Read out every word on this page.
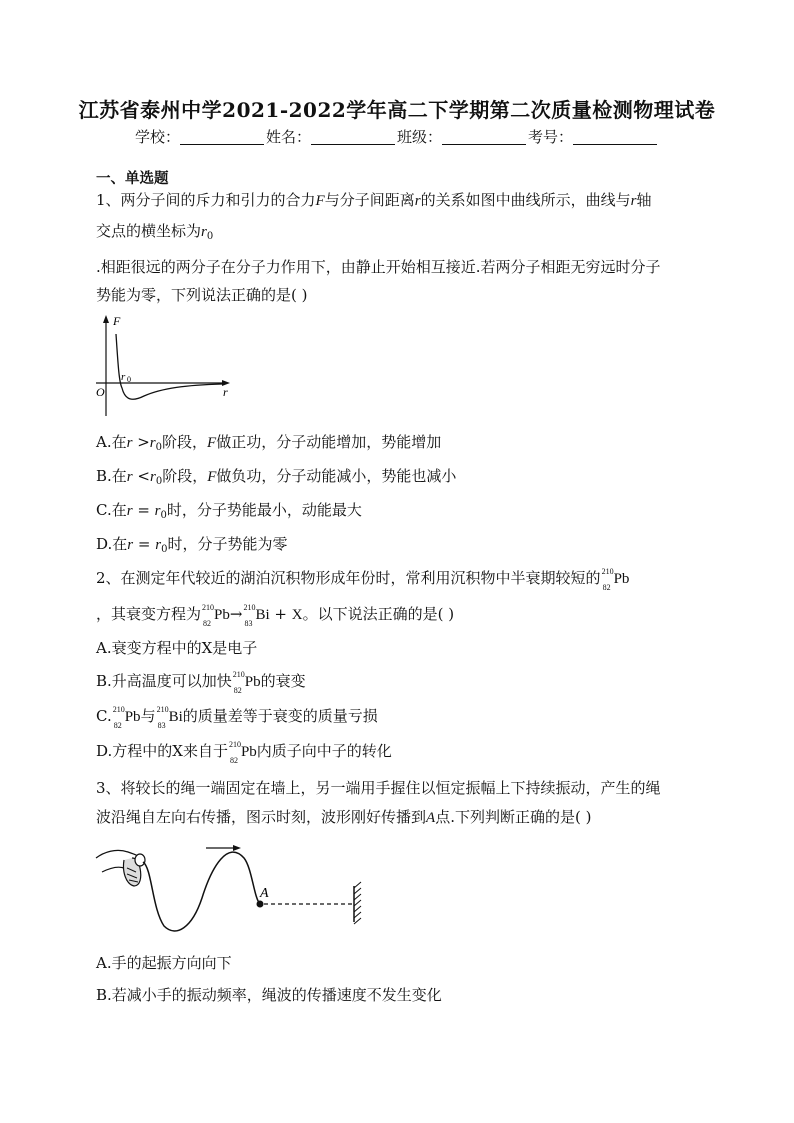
江苏省泰州中学2021-2022学年高二下学期第二次质量检测物理试卷
学校：	姓名：	班级：	考号：
一、单选题
1、两分子间的斥力和引力的合力F与分子间距离r的关系如图中曲线所示，曲线与r轴
交点的横坐标为$r_0$
.相距很远的两分子在分子力作用下，由静止开始相互接近.若两分子相距无穷远时分子
势能为零，下列说法正确的是( )
F
O	r
r 0
A.在$r >r_0$阶段，F做正功，分子动能增加，势能增加
B.在$r <r_0$阶段，F做负功，分子动能减小，势能也减小
C.在$r = r_0$时，分子势能最小，动能最大
D.在$r = r_0$时，分子势能为零
2、在测定年代较近的湖泊沉积物形成年份时，常利用沉积物中半衰期较短的 210
82
Pb
，其衰变方程为 210
82
Pb→ 210
83
Bi + X。以下说法正确的是( )
A.衰变方程中的X是电子
B.升高温度可以加快 210
82
Pb的衰变
C. 210
82
Pb与 210
83
Bi的质量差等于衰变的质量亏损
D.方程中的X来自于 210
82
Pb内质子向中子的转化
3、将较长的绳一端固定在墙上，另一端用手握住以恒定振幅上下持续振动，产生的绳
波沿绳自左向右传播，图示时刻，波形刚好传播到A点.下列判断正确的是( )
A
A.手的起振方向向下
B.若减小手的振动频率，绳波的传播速度不发生变化
